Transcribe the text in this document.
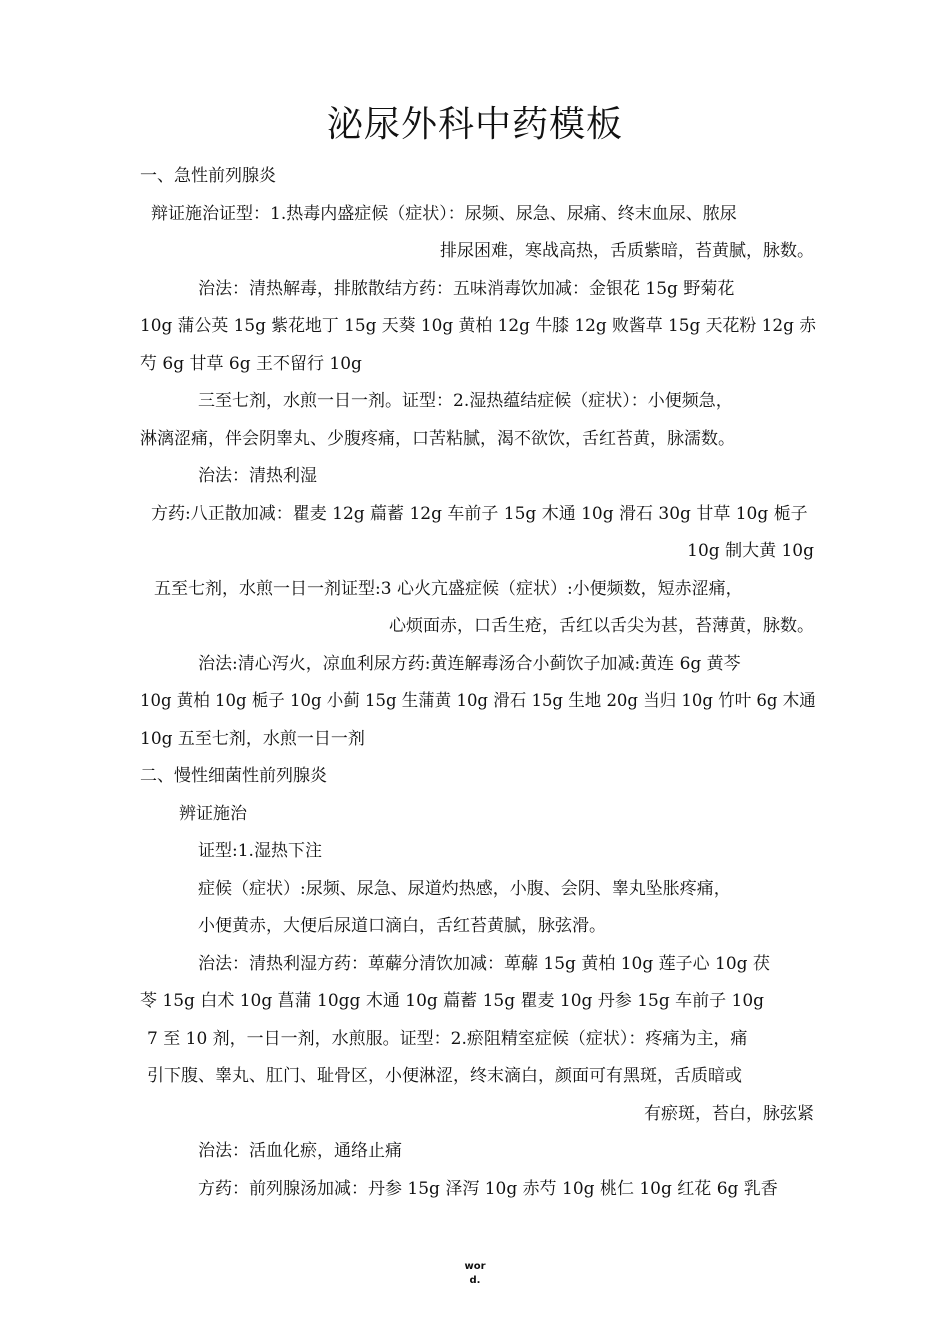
泌尿外科中药模板
一、急性前列腺炎
辩证施治证型：1.热毒内盛症候（症状）：尿频、尿急、尿痛、终末血尿、脓尿
排尿困难，寒战高热，舌质紫暗，苔黄腻，脉数。
治法：清热解毒，排脓散结方药：五味消毒饮加减：金银花 15g 野菊花
10g 蒲公英 15g 紫花地丁 15g 天葵 10g 黄柏 12g 牛膝 12g 败酱草 15g 天花粉 12g 赤
芍 6g 甘草 6g 王不留行 10g
三至七剂，水煎一日一剂。证型：2.湿热蕴结症候（症状）：小便频急，
淋漓涩痛，伴会阴睾丸、少腹疼痛，口苦粘腻，渴不欲饮，舌红苔黄，脉濡数。
治法：清热利湿
方药:八正散加减：瞿麦 12g 萹蓄 12g 车前子 15g 木通 10g 滑石 30g 甘草 10g 栀子
10g 制大黄 10g
五至七剂，水煎一日一剂证型:3 心火亢盛症候（症状）:小便频数，短赤涩痛，
心烦面赤，口舌生疮，舌红以舌尖为甚，苔薄黄，脉数。
治法:清心泻火，凉血利尿方药:黄连解毒汤合小蓟饮子加减:黄连 6g 黄芩
10g 黄柏 10g 栀子 10g 小蓟 15g 生蒲黄 10g 滑石 15g 生地 20g 当归 10g 竹叶 6g 木通
10g 五至七剂，水煎一日一剂
二、慢性细菌性前列腺炎
辨证施治
证型:1.湿热下注
症候（症状）:尿频、尿急、尿道灼热感，小腹、会阴、睾丸坠胀疼痛，
小便黄赤，大便后尿道口滴白，舌红苔黄腻，脉弦滑。
治法：清热利湿方药：萆薢分清饮加减：萆薢 15g 黄柏 10g 莲子心 10g 茯
苓 15g 白术 10g 菖蒲 10gg 木通 10g 萹蓄 15g 瞿麦 10g 丹参 15g 车前子 10g
7 至 10 剂，一日一剂，水煎服。证型：2.瘀阻精室症候（症状）：疼痛为主，痛
引下腹、睾丸、肛门、耻骨区，小便淋涩，终末滴白，颜面可有黑斑，舌质暗或
有瘀斑，苔白，脉弦紧
治法：活血化瘀，通络止痛
方药：前列腺汤加减：丹参 15g 泽泻 10g 赤芍 10g 桃仁 10g 红花 6g 乳香
wor
d.
